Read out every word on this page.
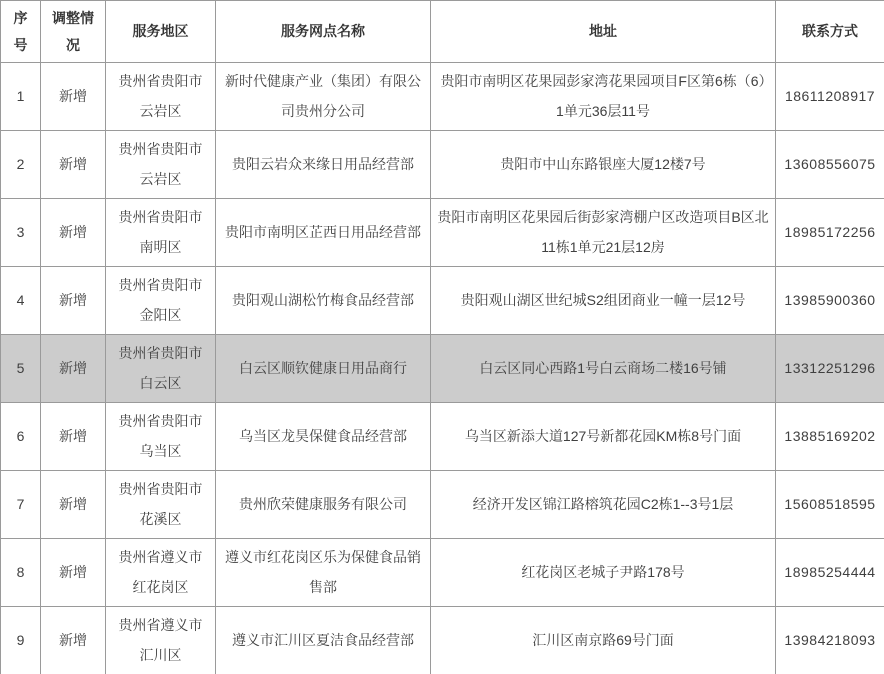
序号	调整情况	服务地区	服务网点名称	地址	联系方式
1	新增	贵州省贵阳市云岩区	新时代健康产业（集团）有限公司贵州分公司	贵阳市南明区花果园彭家湾花果园项目F区第6栋（6）1单元36层11号	18611208917
2	新增	贵州省贵阳市云岩区	贵阳云岩众来缘日用品经营部	贵阳市中山东路银座大厦12楼7号	13608556075
3	新增	贵州省贵阳市南明区	贵阳市南明区芷西日用品经营部	贵阳市南明区花果园后街彭家湾棚户区改造项目B区北11栋1单元21层12房	18985172256
4	新增	贵州省贵阳市金阳区	贵阳观山湖松竹梅食品经营部	贵阳观山湖区世纪城S2组团商业一幢一层12号	13985900360
5	新增	贵州省贵阳市白云区	白云区顺钦健康日用品商行	白云区同心西路1号白云商场二楼16号铺	13312251296
6	新增	贵州省贵阳市乌当区	乌当区龙昊保健食品经营部	乌当区新添大道127号新都花园KM栋8号门面	13885169202
7	新增	贵州省贵阳市花溪区	贵州欣荣健康服务有限公司	经济开发区锦江路榕筑花园C2栋1--3号1层	15608518595
8	新增	贵州省遵义市红花岗区	遵义市红花岗区乐为保健食品销售部	红花岗区老城子尹路178号	18985254444
9	新增	贵州省遵义市汇川区	遵义市汇川区夏洁食品经营部	汇川区南京路69号门面	13984218093
